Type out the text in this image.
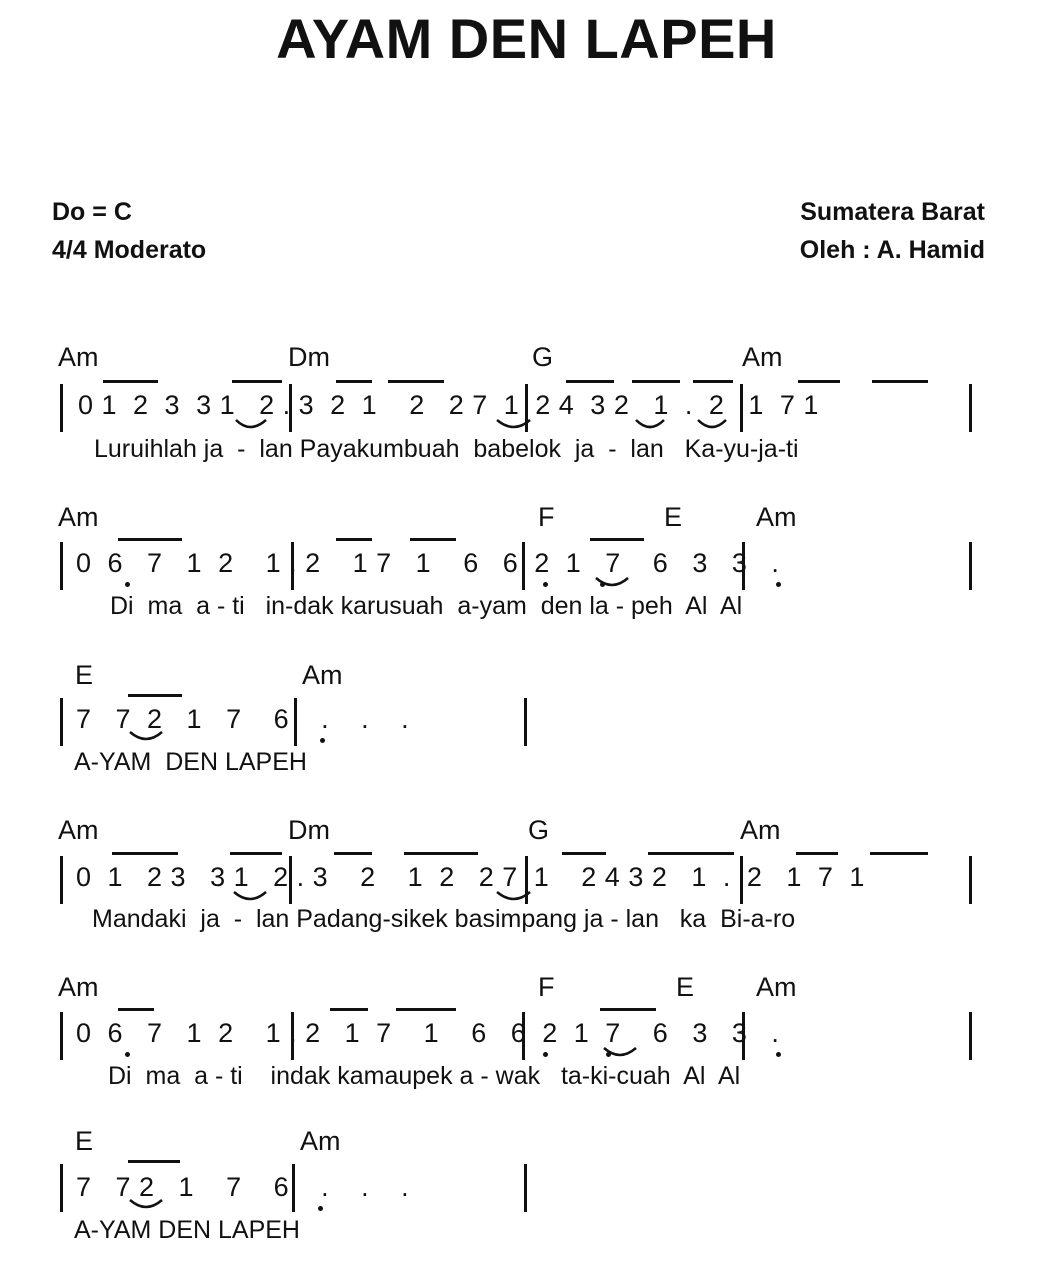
AYAM DEN LAPEH
Do = C
4/4 Moderato
Sumatera Barat
Oleh : A. Hamid
Am	Dm	G	Am
0 1  2  3  3 1   2 . 3  2  1    2   2 7  1  2 4  3 2   1  .  2   1  7 1
Luruihlah ja  -  lan Payakumbuah  babelok  ja  -  lan   Ka-yu-ja-ti
Am	F	E	Am
0  6   7   1  2    1 . 2    1 7   1    6   6  2  1   7    6   3   3   .
Di  ma  a - ti   in-dak karusuah  a-yam  den la - peh  Al  Al
E	Am
7   7  2   1   7    6    .    .    .
A-YAM  DEN LAPEH
Am	Dm	G	Am
0  1   2 3   3 1   2 . 3    2    1  2   2 7  1    2 4 3 2   1  .  2   1  7  1
Mandaki  ja  -  lan Padang-sikek basimpang ja - lan   ka  Bi-a-ro
Am	F	E Am
0  6   7   1  2    1 . 2   1  7    1    6   6  2  1  7    6   3   3   .
Di  ma  a - ti    indak kamaupek a - wak   ta-ki-cuah  Al  Al
E	Am
7   7 2   1    7    6    .    .    .
A-YAM DEN LAPEH
